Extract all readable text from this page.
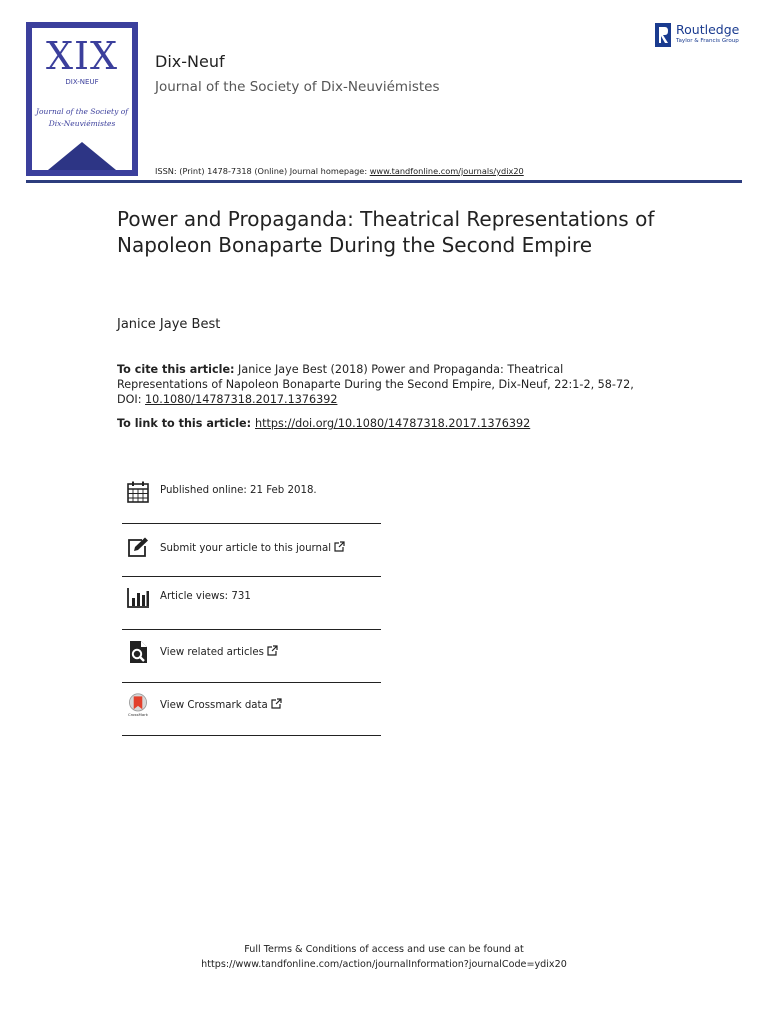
XIX
DIX-NEUF
Journal of the Society of
Dix-Neuviémistes
Dix-Neuf
Journal of the Society of Dix-Neuviémistes
ISSN: (Print) 1478-7318 (Online) Journal homepage: www.tandfonline.com/journals/ydix20
Routledge
Taylor & Francis Group
Power and Propaganda: Theatrical Representations of Napoleon Bonaparte During the Second Empire
Janice Jaye Best
To cite this article: Janice Jaye Best (2018) Power and Propaganda: Theatrical Representations of Napoleon Bonaparte During the Second Empire, Dix-Neuf, 22:1-2, 58-72, DOI: 10.1080/14787318.2017.1376392
To link to this article: https://doi.org/10.1080/14787318.2017.1376392
Published online: 21 Feb 2018.
Submit your article to this journal
Article views: 731
View related articles
CrossMark
View Crossmark data
Full Terms & Conditions of access and use can be found at
https://www.tandfonline.com/action/journalInformation?journalCode=ydix20
